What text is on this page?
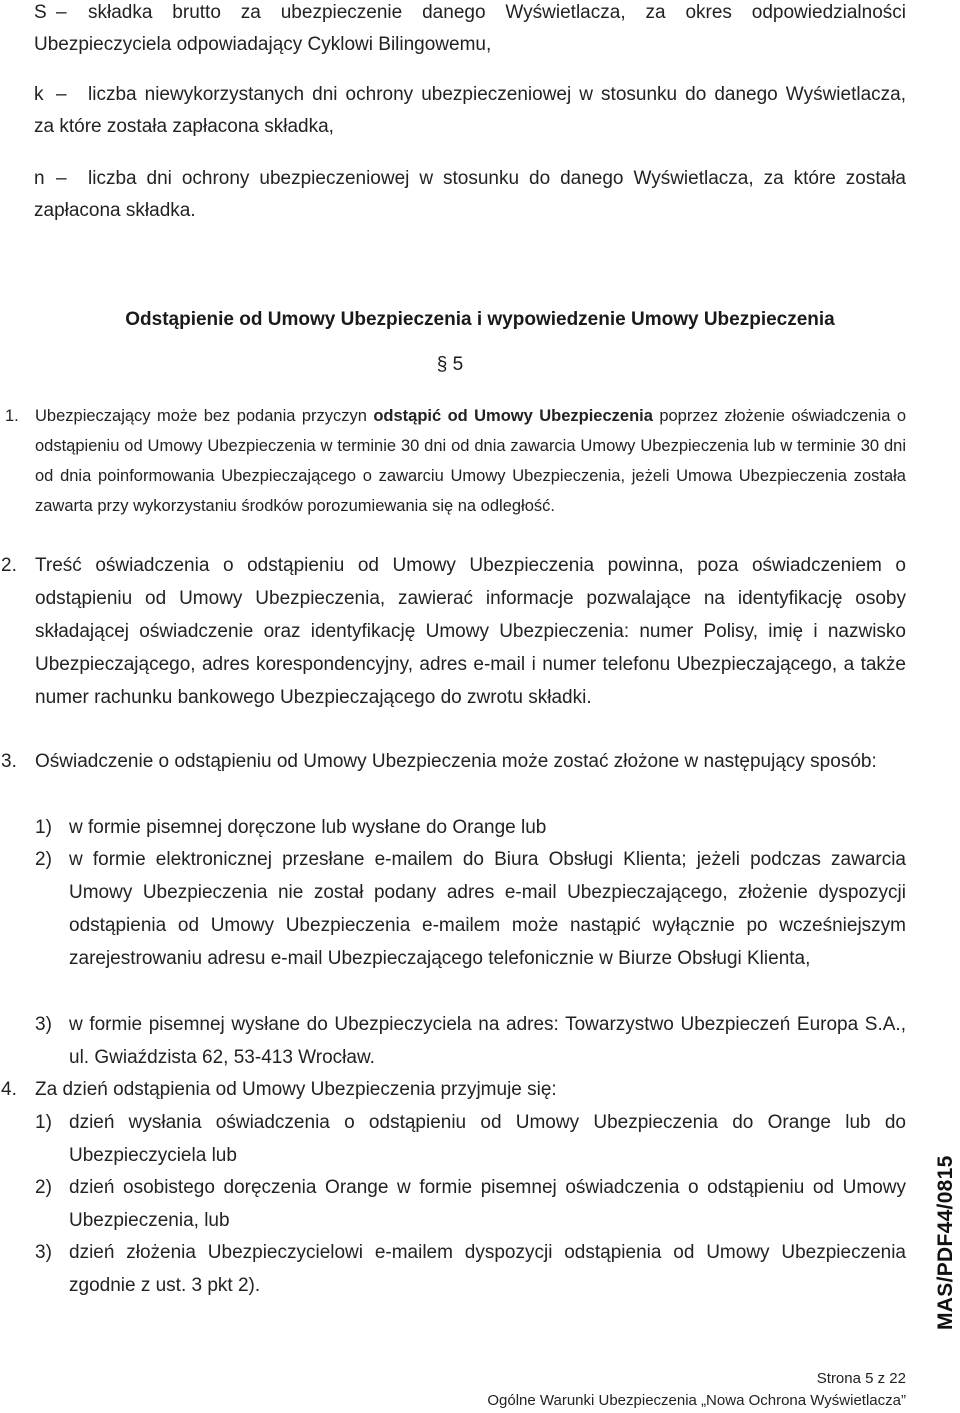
S – składka brutto za ubezpieczenie danego Wyświetlacza, za okres odpowiedzialności Ubezpieczyciela odpowiadający Cyklowi Bilingowemu,
k – liczba niewykorzystanych dni ochrony ubezpieczeniowej w stosunku do danego Wyświetlacza, za które została zapłacona składka,
n – liczba dni ochrony ubezpieczeniowej w stosunku do danego Wyświetlacza, za które została zapłacona składka.
Odstąpienie od Umowy Ubezpieczenia i wypowiedzenie Umowy Ubezpieczenia
§ 5
1. Ubezpieczający może bez podania przyczyn odstąpić od Umowy Ubezpieczenia poprzez złożenie oświadczenia o odstąpieniu od Umowy Ubezpieczenia w terminie 30 dni od dnia zawarcia Umowy Ubezpieczenia lub w terminie 30 dni od dnia poinformowania Ubezpieczającego o zawarciu Umowy Ubezpieczenia, jeżeli Umowa Ubezpieczenia została zawarta przy wykorzystaniu środków porozumiewania się na odległość.
2. Treść oświadczenia o odstąpieniu od Umowy Ubezpieczenia powinna, poza oświadczeniem o odstąpieniu od Umowy Ubezpieczenia, zawierać informacje pozwalające na identyfikację osoby składającej oświadczenie oraz identyfikację Umowy Ubezpieczenia: numer Polisy, imię i nazwisko Ubezpieczającego, adres korespondencyjny, adres e-mail i numer telefonu Ubezpieczającego, a także numer rachunku bankowego Ubezpieczającego do zwrotu składki.
3. Oświadczenie o odstąpieniu od Umowy Ubezpieczenia może zostać złożone w następujący sposób:
1) w formie pisemnej doręczone lub wysłane do Orange lub
2) w formie elektronicznej przesłane e-mailem do Biura Obsługi Klienta; jeżeli podczas zawarcia Umowy Ubezpieczenia nie został podany adres e-mail Ubezpieczającego, złożenie dyspozycji odstąpienia od Umowy Ubezpieczenia e-mailem może nastąpić wyłącznie po wcześniejszym zarejestrowaniu adresu e-mail Ubezpieczającego telefonicznie w Biurze Obsługi Klienta,
3) w formie pisemnej wysłane do Ubezpieczyciela na adres: Towarzystwo Ubezpieczeń Europa S.A., ul. Gwiaździsta 62, 53-413 Wrocław.
4. Za dzień odstąpienia od Umowy Ubezpieczenia przyjmuje się:
1) dzień wysłania oświadczenia o odstąpieniu od Umowy Ubezpieczenia do Orange lub do Ubezpieczyciela lub
2) dzień osobistego doręczenia Orange w formie pisemnej oświadczenia o odstąpieniu od Umowy Ubezpieczenia, lub
3) dzień złożenia Ubezpieczycielowi e-mailem dyspozycji odstąpienia od Umowy Ubezpieczenia zgodnie z ust. 3 pkt 2).	MAS/PDF44/0815
Strona 5 z 22
Ogólne Warunki Ubezpieczenia „Nowa Ochrona Wyświetlacza”
